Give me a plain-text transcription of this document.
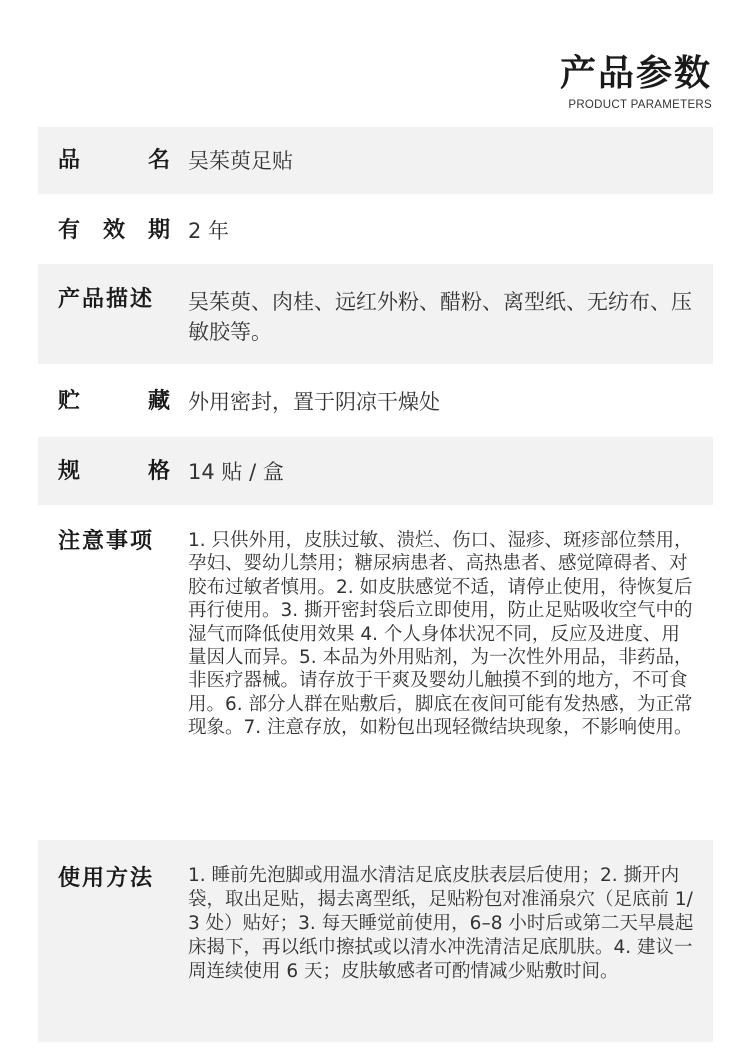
产品参数
PRODUCT PARAMETERS
品	名 吴茱萸足贴
有 效 期 2 年
产品描述	吴茱萸、肉桂、远红外粉、醋粉、离型纸、无纺布、压敏胶等。
贮	藏 外用密封，置于阴凉干燥处
规	格 14 贴 / 盒
注意事项	1. 只供外用，皮肤过敏、溃烂、伤口、湿疹、斑疹部位禁用，孕妇、婴幼儿禁用；糖尿病患者、高热患者、感觉障碍者、对胶布过敏者慎用。2. 如皮肤感觉不适，请停止使用，待恢复后再行使用。3. 撕开密封袋后立即使用，防止足贴吸收空气中的湿气而降低使用效果 4. 个人身体状况不同，反应及进度、用量因人而异。5. 本品为外用贴剂，为一次性外用品，非药品，非医疗器械。请存放于干爽及婴幼儿触摸不到的地方，不可食用。6. 部分人群在贴敷后，脚底在夜间可能有发热感，为正常现象。7. 注意存放，如粉包出现轻微结块现象，不影响使用。
使用方法	1. 睡前先泡脚或用温水清洁足底皮肤表层后使用；2. 撕开内袋，取出足贴，揭去离型纸，足贴粉包对准涌泉穴（足底前 1/3 处）贴好；3. 每天睡觉前使用，6–8 小时后或第二天早晨起床揭下，再以纸巾擦拭或以清水冲洗清洁足底肌肤。4. 建议一周连续使用 6 天；皮肤敏感者可酌情减少贴敷时间。
